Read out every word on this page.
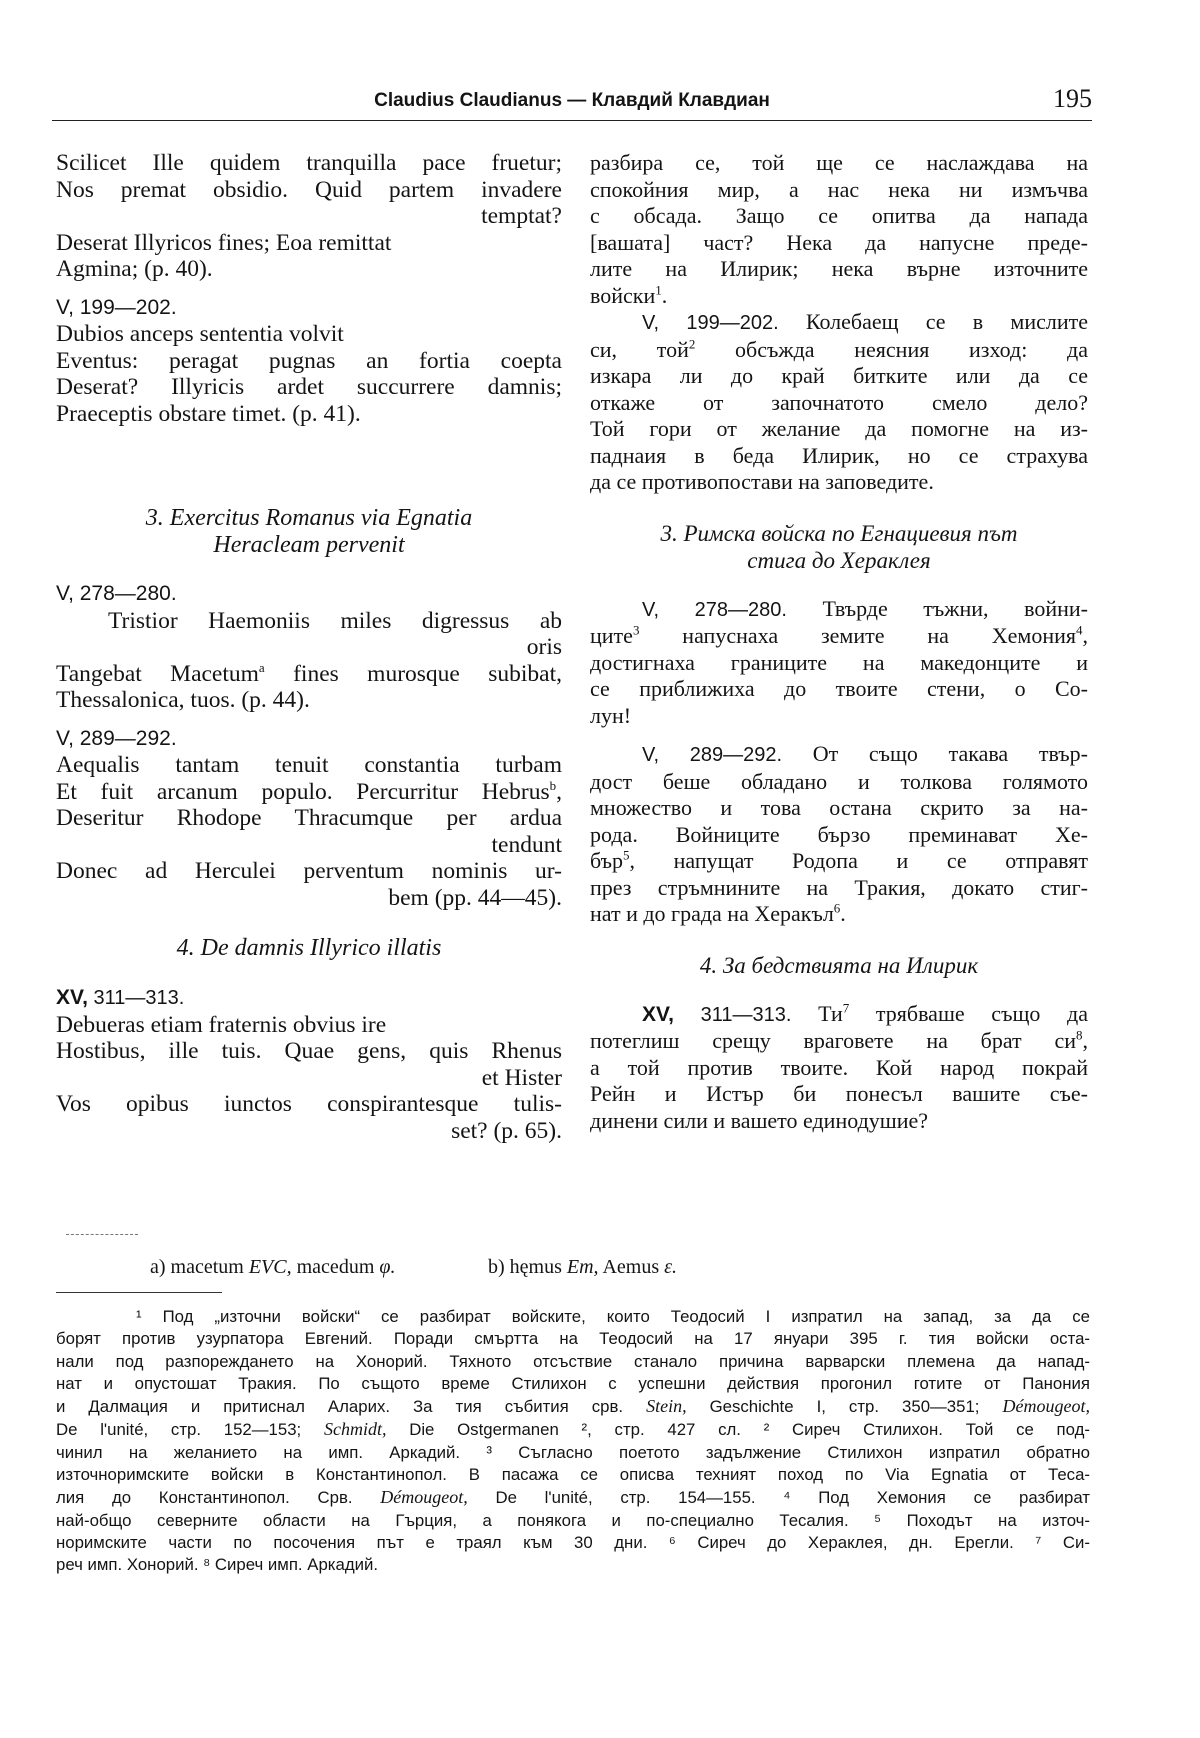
Claudius Claudianus — Клавдий Клавдиан	195
Scilicet Ille quidem tranquilla pace fruetur;
Nos premat obsidio. Quid partem invadere
temptat?
Deserat Illyricos fines; Eoa remittat
Agmina; (p. 40).
V, 199—202.
Dubios anceps sententia volvit
Eventus: peragat pugnas an fortia coepta
Deserat? Illyricis ardet succurrere damnis;
Praeceptis obstare timet. (p. 41).
3. Exercitus Romanus via Egnatia
Heracleam pervenit
V, 278—280.
Tristior Haemoniis miles digressus ab
oris
Tangebat Macetum$^a$ fines murosque subibat,
Thessalonica, tuos. (p. 44).
V, 289—292.
Aequalis tantam tenuit constantia turbam
Et fuit arcanum populo. Percurritur Hebrus$^b$,
Deseritur Rhodope Thracumque per ardua
tendunt
Donec ad Herculei perventum nominis ur-
bem (pp. 44—45).
4. De damnis Illyrico illatis
XV, 311—313.
Debueras etiam fraternis obvius ire
Hostibus, ille tuis. Quae gens, quis Rhenus
et Hister
Vos opibus iunctos conspirantesque tulis-
set? (p. 65).
разбира се, той ще се наслаждава на
спокойния мир, а нас нека ни измъчва
с обсада. Защо се опитва да напада
[вашата] част? Нека да напусне преде-
лите на Илирик; нека върне източните
войски$^1$.
V, 199—202. Колебаещ се в мислите
си, той$^2$ обсъжда неясния изход: да
изкара ли до край битките или да се
откаже от започнатото смело дело?
Той гори от желание да помогне на из-
паднаия в беда Илирик, но се страхува
да се противопостави на заповедите.
3. Римска войска по Егнациевия път
стига до Хераклея
V, 278—280. Твърде тъжни, войни-
ците$^3$ напуснаха земите на Хемония$^4$,
достигнаха границите на македонците и
се приближиха до твоите стени, о Со-
лун!
V, 289—292. От също такава твър-
дост беше обладано и толкова голямото
множество и това остана скрито за на-
рода. Войниците бързо преминават Хе-
бър$^5$, напущат Родопа и се отправят
през стръмнините на Тракия, докато стиг-
нат и до града на Херакъл$^6$.
4. За бедствията на Илирик
XV, 311—313. $Ти^7$ трябваше също да
потеглиш срещу враговете на брат $си^8$,
а той против твоите. Кой народ покрай
Рейн и Истър би понесъл вашите съе-
динени сили и вашето единодушие?
a) macetum EVC, macedum φ.	b) hęmus Em, Aemus ε.
¹ Под „източни войски“ се разбират войските, които Теодосий I изпратил на запад, за да се
борят против узурпатора Евгений. Поради смъртта на Теодосий на 17 януари 395 г. тия войски оста-
нали под разпореждането на Хонорий. Тяхното отсъствие станало причина варварски племена да напад-
нат и опустошат Тракия. По същото време Стилихон с успешни действия прогонил готите от Панония
и Далмация и притиснал Аларих. За тия събития срв. Stein, Geschichte I, стр. 350—351; Démougeot,
De l'unité, стр. 152—153; Schmidt, Die Ostgermanen ², стр. 427 сл. ² Сиреч Стилихон. Той се под-
чинил на желанието на имп. Аркадий. ³ Съгласно поетото задължение Стилихон изпратил обратно
източноримските войски в Константинопол. В пасажа се описва техният поход по Via Egnatia от Теса-
лия до Константинопол. Срв. Démougeot, De l'unité, стр. 154—155. ⁴ Под Хемония се разбират
най-общо северните области на Гърция, а понякога и по-специално Тесалия. ⁵ Походът на източ-
норимските части по посочения път е траял към 30 дни. ⁶ Сиреч до Хераклея, дн. Ерегли. ⁷ Си-
реч имп. Хонорий. ⁸ Сиреч имп. Аркадий.
